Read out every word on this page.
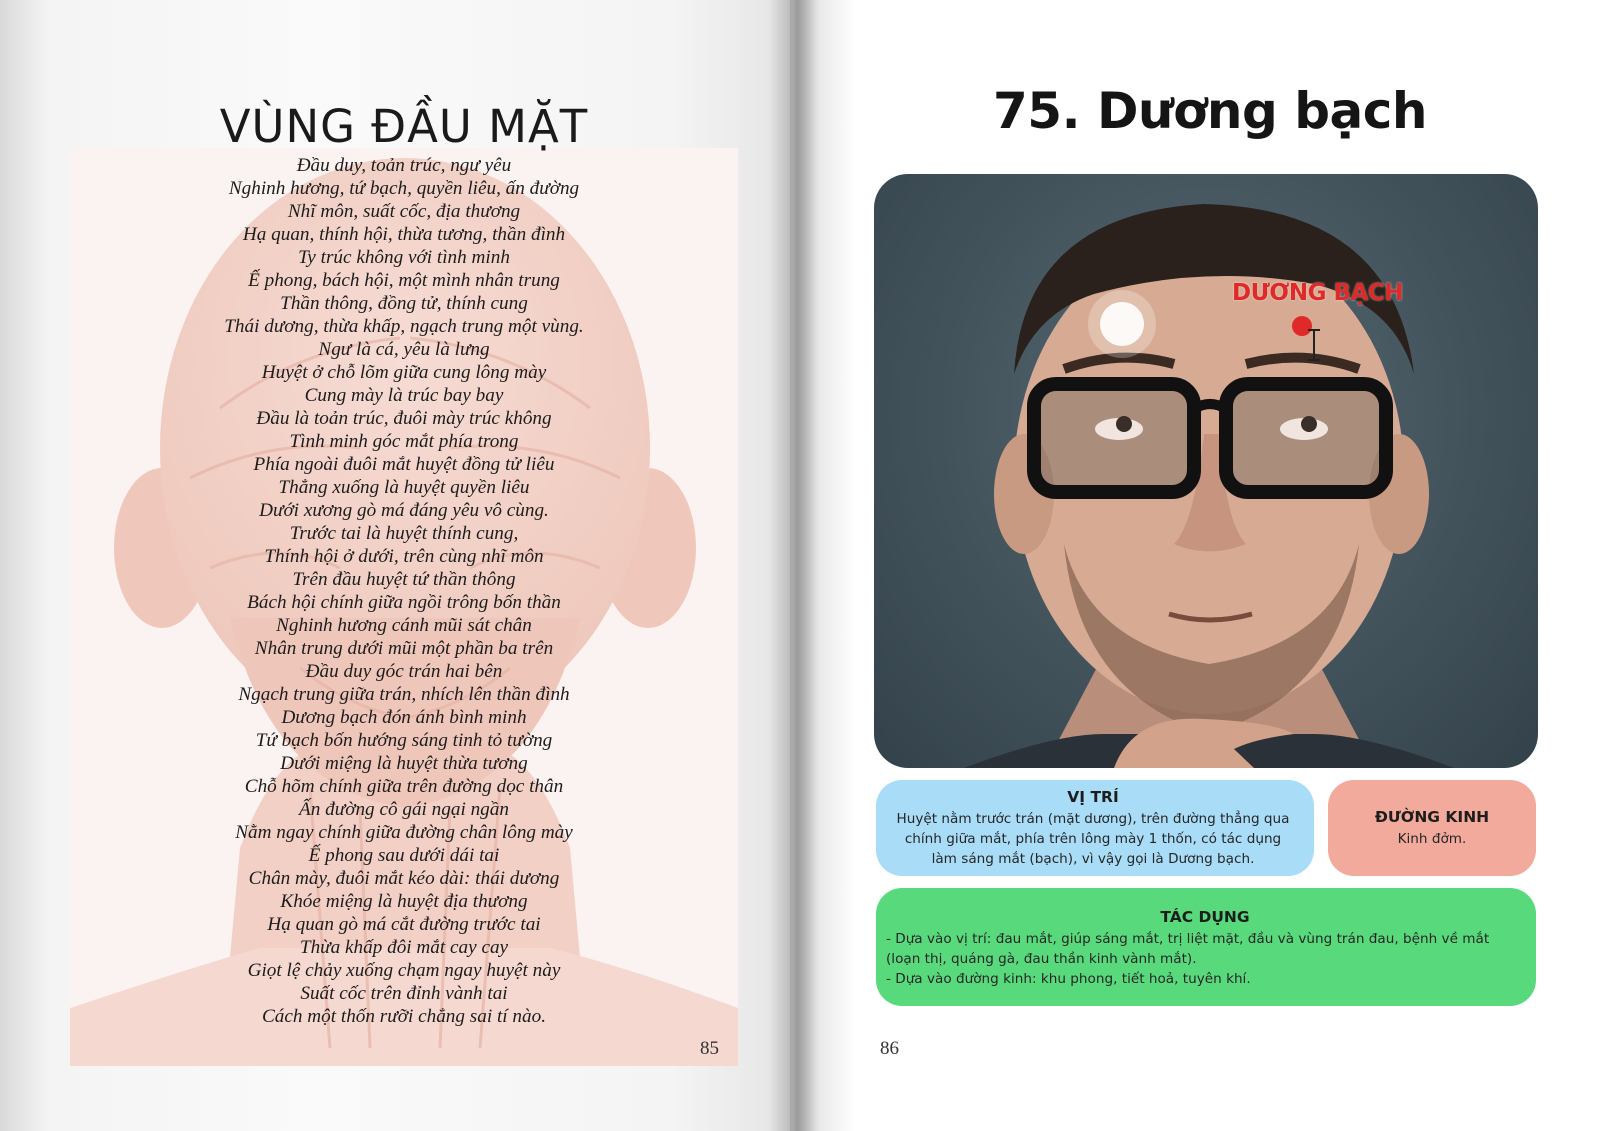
VÙNG ĐẦU MẶT
Đầu duy, toản trúc, ngư yêu
Nghinh hương, tứ bạch, quyền liêu, ấn đường
Nhĩ môn, suất cốc, địa thương
Hạ quan, thính hội, thừa tương, thần đình
Ty trúc không với tình minh
Ế phong, bách hội, một mình nhân trung
Thần thông, đồng tử, thính cung
Thái dương, thừa khấp, ngạch trung một vùng.
Ngư là cá, yêu là lưng
Huyệt ở chỗ lõm giữa cung lông mày
Cung mày là trúc bay bay
Đầu là toản trúc, đuôi mày trúc không
Tình minh góc mắt phía trong
Phía ngoài đuôi mắt huyệt đồng tử liêu
Thẳng xuống là huyệt quyền liêu
Dưới xương gò má đáng yêu vô cùng.
Trước tai là huyệt thính cung,
Thính hội ở dưới, trên cùng nhĩ môn
Trên đầu huyệt tứ thần thông
Bách hội chính giữa ngồi trông bốn thần
Nghinh hương cánh mũi sát chân
Nhân trung dưới mũi một phần ba trên
Đầu duy góc trán hai bên
Ngạch trung giữa trán, nhích lên thần đình
Dương bạch đón ánh bình minh
Tứ bạch bốn hướng sáng tinh tỏ tường
Dưới miệng là huyệt thừa tương
Chỗ hõm chính giữa trên đường dọc thân
Ấn đường cô gái ngại ngần
Nằm ngay chính giữa đường chân lông mày
Ế phong sau dưới dái tai
Chân mày, đuôi mắt kéo dài: thái dương
Khóe miệng là huyệt địa thương
Hạ quan gò má cắt đường trước tai
Thừa khấp đôi mắt cay cay
Giọt lệ chảy xuống chạm ngay huyệt này
Suất cốc trên đỉnh vành tai
Cách một thốn rưỡi chẳng sai tí nào.
85
75. Dương bạch
DƯƠNG BẠCH
VỊ TRÍ

Huyệt nằm trước trán (mặt dương), trên đường thẳng qua chính giữa mắt, phía trên lông mày 1 thốn, có tác dụng làm sáng mắt (bạch), vì vậy gọi là Dương bạch.

ĐƯỜNG KINH

Kinh đởm.

TÁC DỤNG

- Dựa vào vị trí: đau mắt, giúp sáng mắt, trị liệt mặt, đầu và vùng trán đau, bệnh về mắt (loạn thị, quáng gà, đau thần kinh vành mắt).

- Dựa vào đường kinh: khu phong, tiết hoả, tuyên khí.

86
